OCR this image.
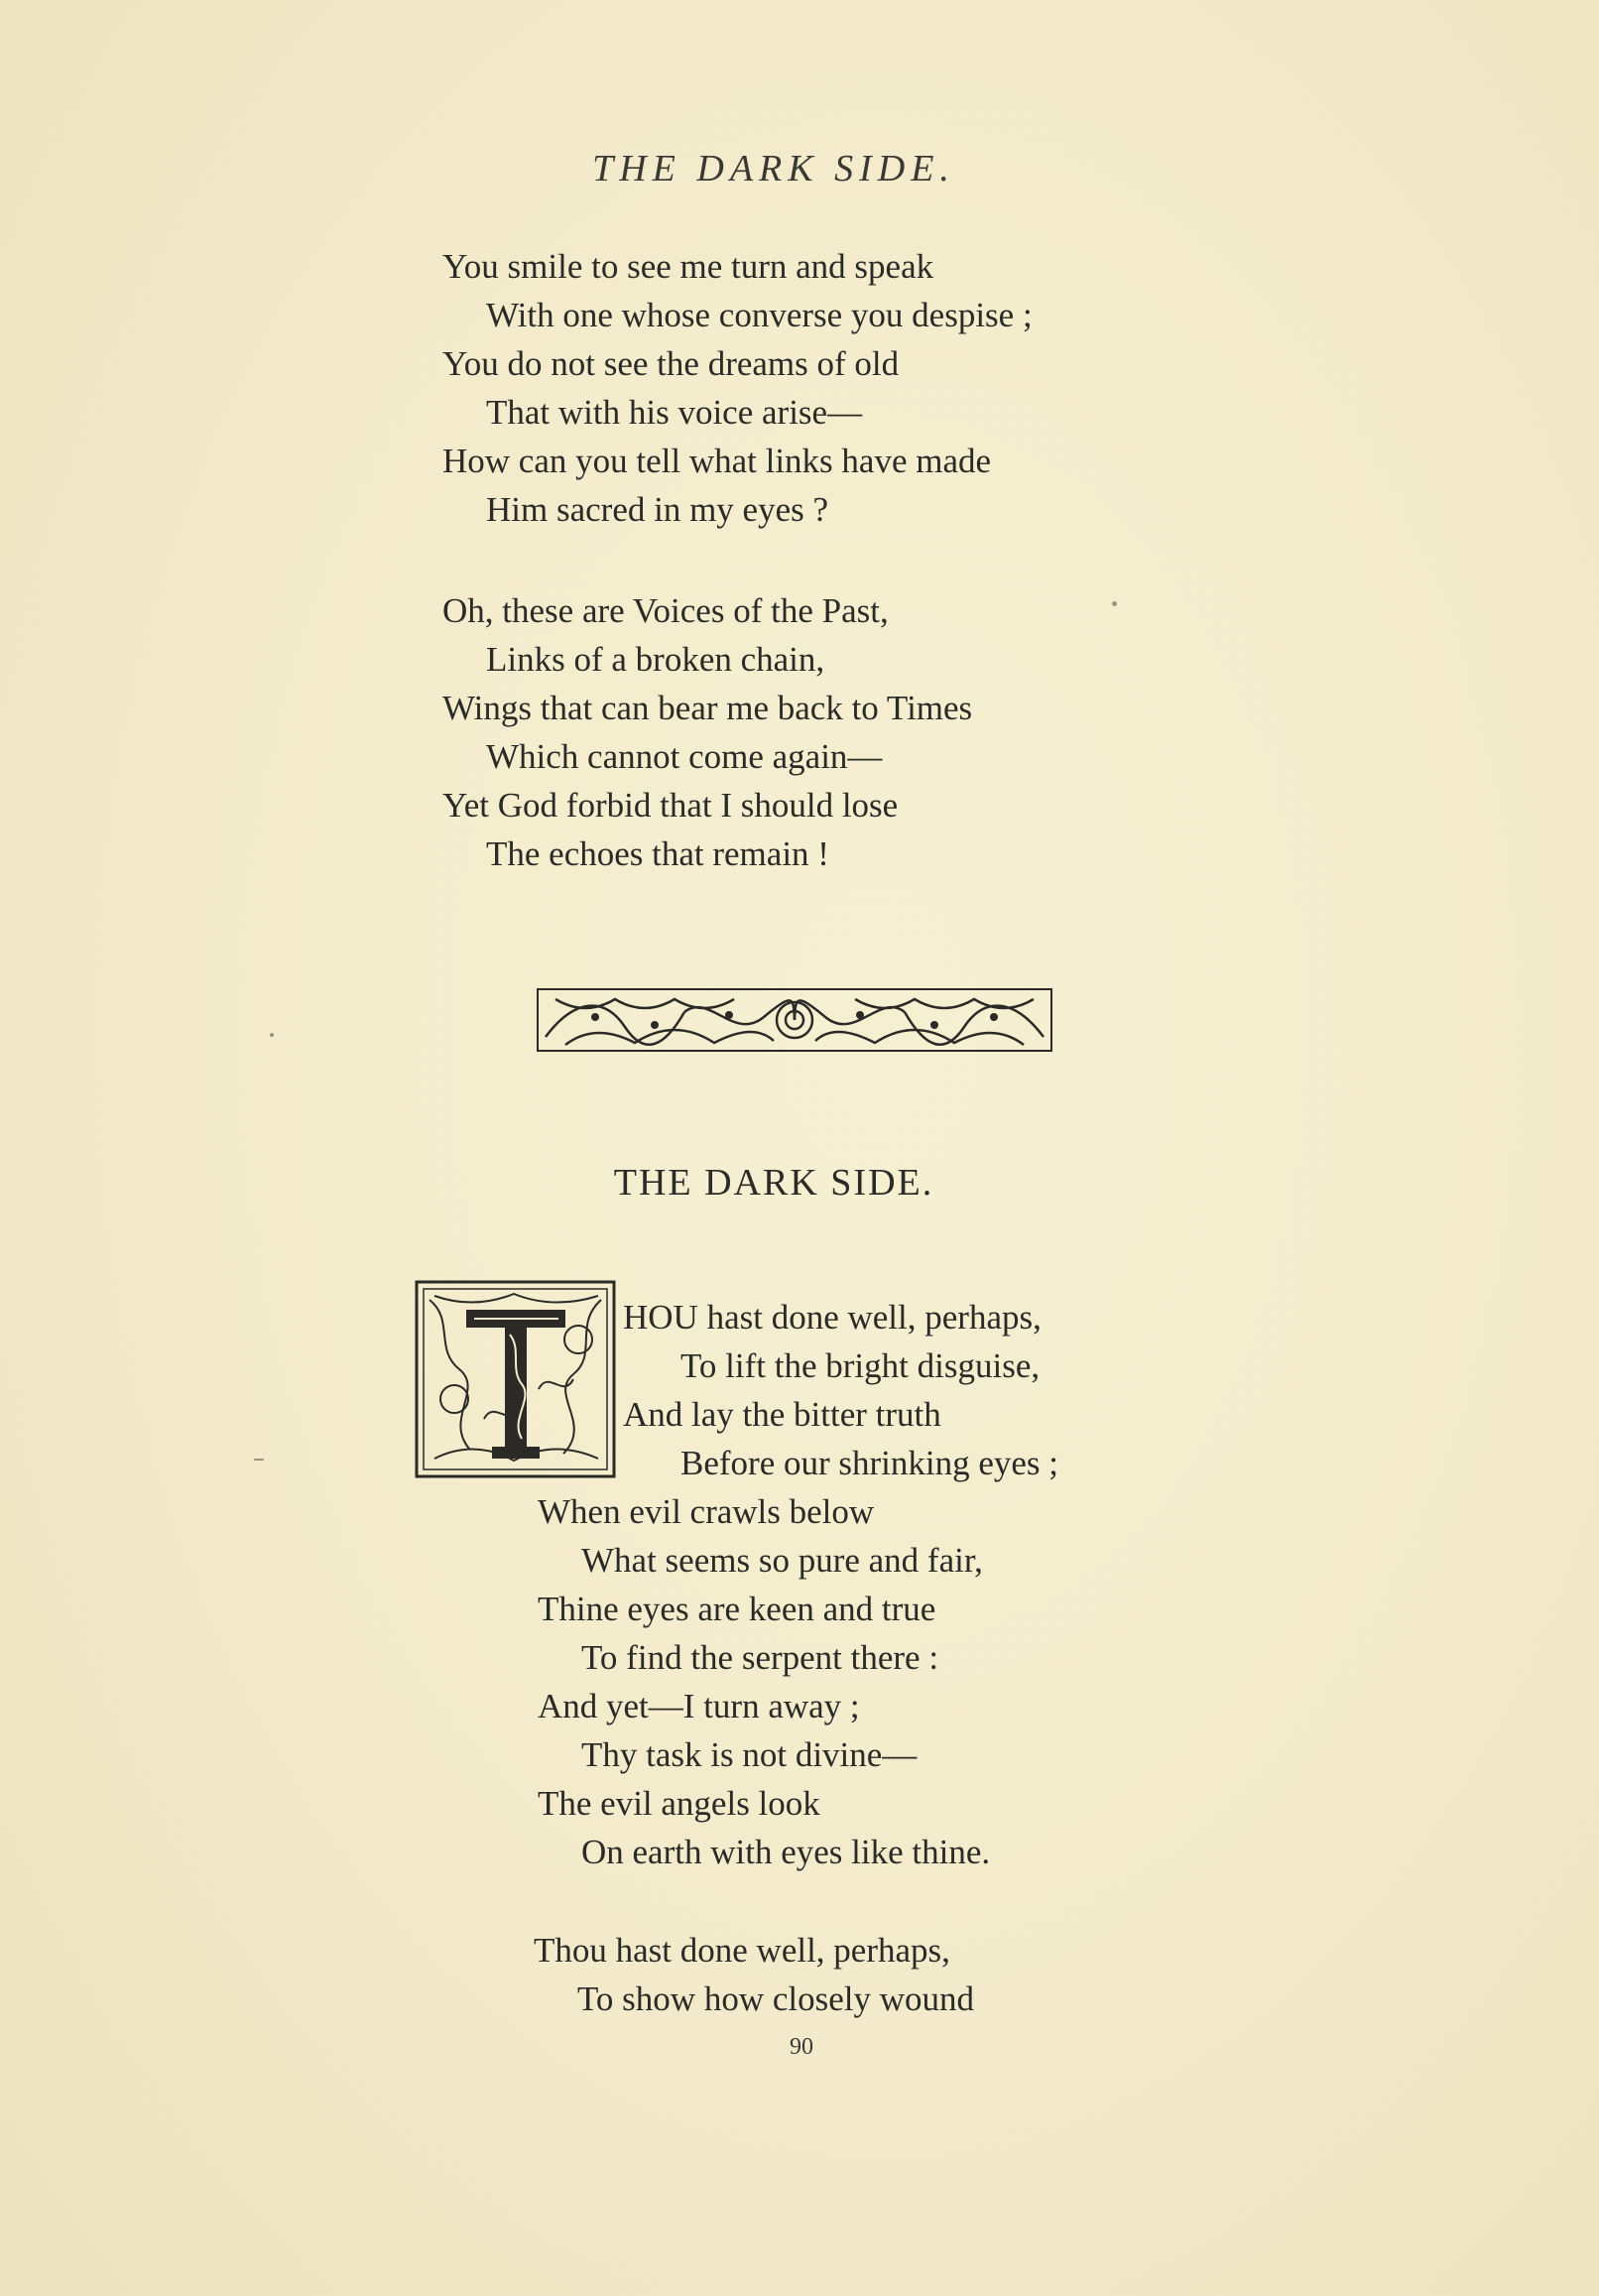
THE DARK SIDE.
You smile to see me turn and speak
With one whose converse you despise ;
You do not see the dreams of old
That with his voice arise—
How can you tell what links have made
Him sacred in my eyes ?
Oh, these are Voices of the Past,
Links of a broken chain,
Wings that can bear me back to Times
Which cannot come again—
Yet God forbid that I should lose
The echoes that remain !
THE DARK SIDE.
HOU hast done well, perhaps,
To lift the bright disguise,
And lay the bitter truth
Before our shrinking eyes ;
When evil crawls below
What seems so pure and fair,
Thine eyes are keen and true
To find the serpent there :
And yet—I turn away ;
Thy task is not divine—
The evil angels look
On earth with eyes like thine.
Thou hast done well, perhaps,
To show how closely wound
90
